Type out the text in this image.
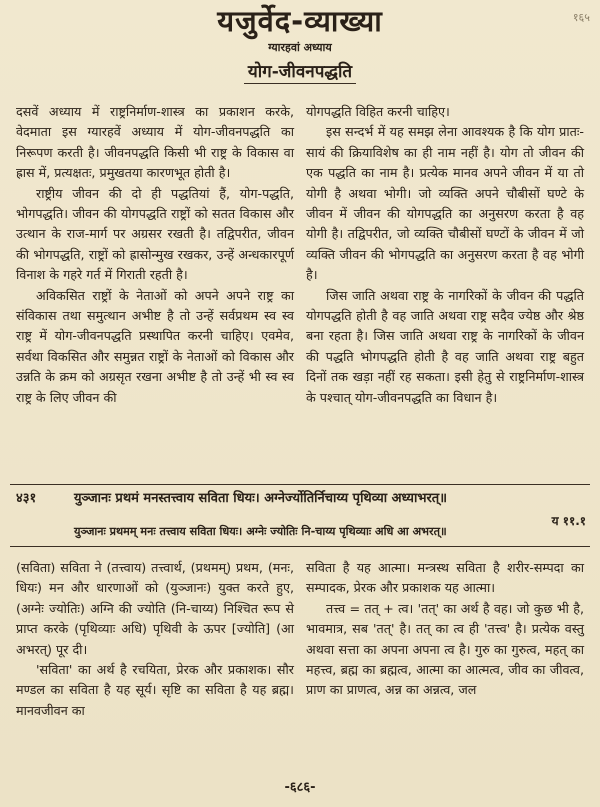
१६५
यजुर्वेद-व्याख्या
ग्यारहवां अध्याय
योग-जीवनपद्धति

दसवें अध्याय में राष्ट्रनिर्माण-शास्त्र का प्रकाशन करके, वेदमाता इस ग्यारहवें अध्याय में योग-जीवनपद्धति का निरूपण करती है। जीवनपद्धति किसी भी राष्ट्र के विकास वा ह्रास में, प्रत्यक्षतः, प्रमुखतया कारणभूत होती है।

राष्ट्रीय जीवन की दो ही पद्धतियां हैं, योग-पद्धति, भोगपद्धति। जीवन की योगपद्धति राष्ट्रों को सतत विकास और उत्थान के राज-मार्ग पर अग्रसर रखती है। तद्विपरीत, जीवन की भोगपद्धति, राष्ट्रों को ह्रासोन्मुख रखकर, उन्हें अन्धकारपूर्ण विनाश के गहरे गर्त में गिराती रहती है।

अविकसित राष्ट्रों के नेताओं को अपने अपने राष्ट्र का संविकास तथा समुत्थान अभीष्ट है तो उन्हें सर्वप्रथम स्व स्व राष्ट्र में योग-जीवनपद्धति प्रस्थापित करनी चाहिए। एवमेव, सर्वथा विकसित और समुन्नत राष्ट्रों के नेताओं को विकास और उन्नति के क्रम को अग्रसृत रखना अभीष्ट है तो उन्हें भी स्व स्व राष्ट्र के लिए जीवन की

योगपद्धति विहित करनी चाहिए।

इस सन्दर्भ में यह समझ लेना आवश्यक है कि योग प्रातः-सायं की क्रियाविशेष का ही नाम नहीं है। योग तो जीवन की एक पद्धति का नाम है। प्रत्येक मानव अपने जीवन में या तो योगी है अथवा भोगी। जो व्यक्ति अपने चौबीसों घण्टे के जीवन में जीवन की योगपद्धति का अनुसरण करता है वह योगी है। तद्विपरीत, जो व्यक्ति चौबीसों घण्टों के जीवन में जो व्यक्ति जीवन की भोगपद्धति का अनुसरण करता है वह भोगी है।

जिस जाति अथवा राष्ट्र के नागरिकों के जीवन की पद्धति योगपद्धति होती है वह जाति अथवा राष्ट्र सदैव ज्येष्ठ और श्रेष्ठ बना रहता है। जिस जाति अथवा राष्ट्र के नागरिकों के जीवन की पद्धति भोगपद्धति होती है वह जाति अथवा राष्ट्र बहुत दिनों तक खड़ा नहीं रह सकता। इसी हेतु से राष्ट्रनिर्माण-शास्त्र के पश्चात् योग-जीवनपद्धति का विधान है।

४३१	युञ्जानः प्रथमं मनस्तत्त्वाय सविता धियः। अग्नेर्ज्योतिर्निचाय्य पृथिव्या अध्याभरत्॥
य ११.१
युञ्जानः प्रथमम् मनः तत्त्वाय सविता धियः। अग्नेः ज्योतिः नि-चाय्य पृथिव्याः अधि आ अभरत्॥

(सविता) सविता ने (तत्त्वाय) तत्त्वार्थ, (प्रथमम्) प्रथम, (मनः, धियः) मन और धारणाओं को (युञ्जानः) युक्त करते हुए, (अग्नेः ज्योतिः) अग्नि की ज्योति (नि-चाय्य) निश्चित रूप से प्राप्त करके (पृथिव्याः अधि) पृथिवी के ऊपर [ज्योति] (आ अभरत्) पूर दी।

'सविता' का अर्थ है रचयिता, प्रेरक और प्रकाशक। सौर मण्डल का सविता है यह सूर्य। सृष्टि का सविता है यह ब्रह्म। मानवजीवन का

सविता है यह आत्मा। मन्त्रस्थ सविता है शरीर-सम्पदा का सम्पादक, प्रेरक और प्रकाशक यह आत्मा।

तत्त्व = तत् + त्व। 'तत्' का अर्थ है वह। जो कुछ भी है, भावमात्र, सब 'तत्' है। तत् का त्व ही 'तत्त्व' है। प्रत्येक वस्तु अथवा सत्ता का अपना अपना त्व है। गुरु का गुरुत्व, महत् का महत्त्व, ब्रह्म का ब्रह्मत्व, आत्मा का आत्मत्व, जीव का जीवत्व, प्राण का प्राणत्व, अन्न का अन्नत्व, जल

-६८६-
